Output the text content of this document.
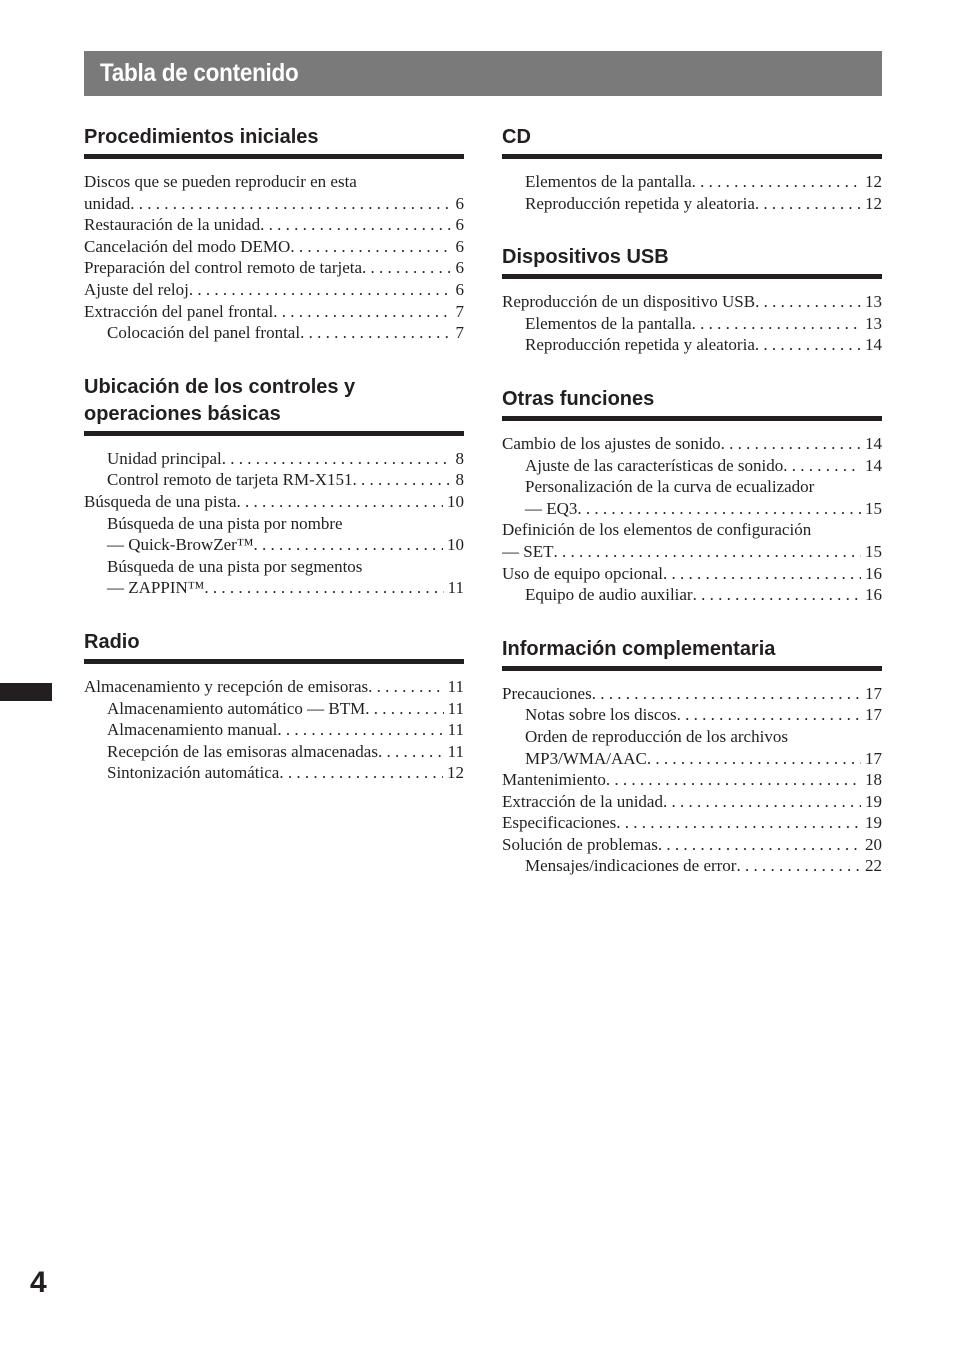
Tabla de contenido
Procedimientos iniciales
Discos que se pueden reproducir en esta
unidad . . .	6
Restauración de la unidad . . .	6
Cancelación del modo DEMO . . .	6
Preparación del control remoto de tarjeta . . .	6
Ajuste del reloj . . .	6
Extracción del panel frontal . . .	7
Colocación del panel frontal . . .	7
Ubicación de los controles y operaciones básicas
Unidad principal . . .	8
Control remoto de tarjeta RM-X151 . . .	8
Búsqueda de una pista . . .	10
Búsqueda de una pista por nombre
— Quick-BrowZer™ . . .	10
Búsqueda de una pista por segmentos
— ZAPPIN™ . . .	11
Radio
Almacenamiento y recepción de emisoras . . .	11
Almacenamiento automático — BTM . . .	11
Almacenamiento manual . . .	11
Recepción de las emisoras almacenadas . . .	11
Sintonización automática . . .	12
CD
Elementos de la pantalla . . .	12
Reproducción repetida y aleatoria . . .	12
Dispositivos USB
Reproducción de un dispositivo USB . . .	13
Elementos de la pantalla . . .	13
Reproducción repetida y aleatoria . . .	14
Otras funciones
Cambio de los ajustes de sonido . . .	14
Ajuste de las características de sonido . . .	14
Personalización de la curva de ecualizador
— EQ3 . . .	15
Definición de los elementos de configuración
— SET . . .	15
Uso de equipo opcional . . .	16
Equipo de audio auxiliar . . .	16
Información complementaria
Precauciones . . .	17
Notas sobre los discos . . .	17
Orden de reproducción de los archivos
MP3/WMA/AAC . . .	17
Mantenimiento . . .	18
Extracción de la unidad . . .	19
Especificaciones . . .	19
Solución de problemas . . .	20
Mensajes/indicaciones de error . . .	22
4
